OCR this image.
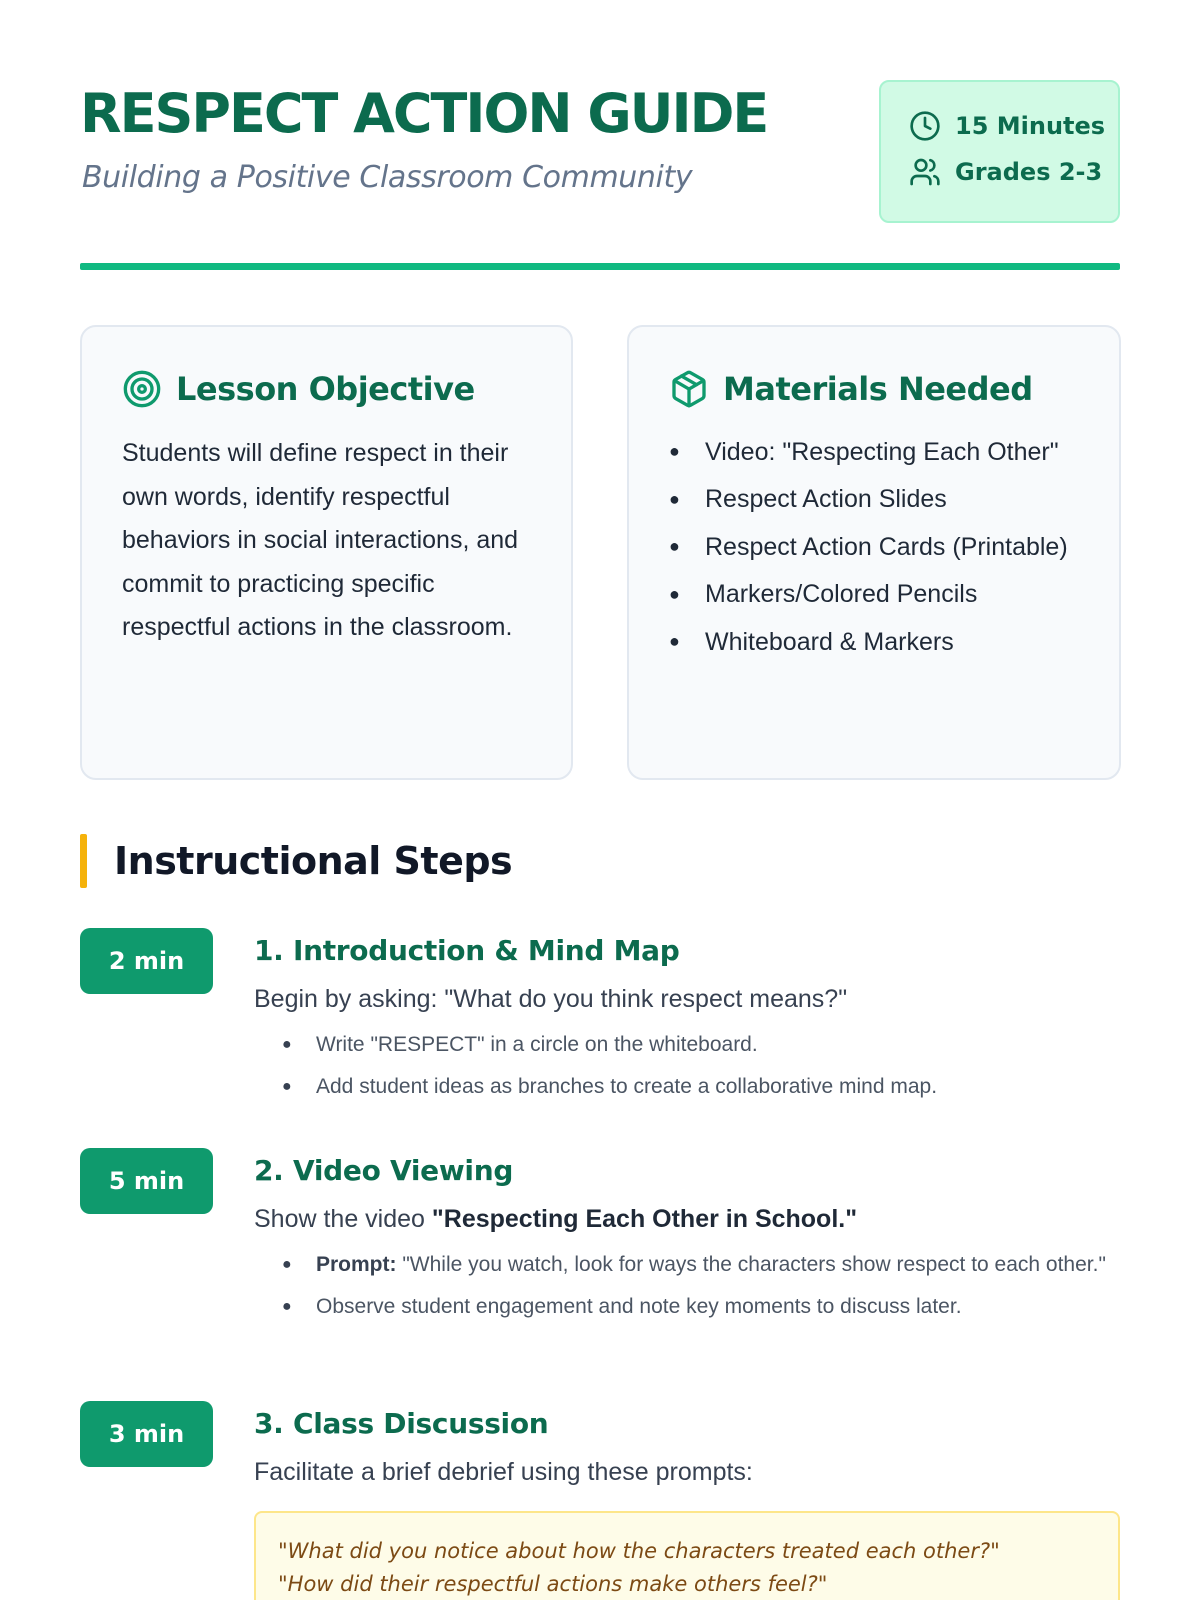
RESPECT ACTION GUIDE
Building a Positive Classroom Community
15 Minutes
Grades 2-3
Lesson Objective

Students will define respect in their own words, identify respectful behaviors in social interactions, and commit to practicing specific respectful actions in the classroom.

Materials Needed
● Video: "Respecting Each Other"
● Respect Action Slides
● Respect Action Cards (Printable)
● Markers/Colored Pencils
● Whiteboard & Markers
Instructional Steps
2 min	1. Introduction & Mind Map

Begin by asking: "What do you think respect means?"

● Write "RESPECT" in a circle on the whiteboard.
● Add student ideas as branches to create a collaborative mind map.
5 min	2. Video Viewing

Show the video "Respecting Each Other in School."

● Prompt: "While you watch, look for ways the characters show respect to each other."
● Observe student engagement and note key moments to discuss later.
3 min	3. Class Discussion

Facilitate a brief debrief using these prompts:

"What did you notice about how the characters treated each other?"
"How did their respectful actions make others feel?"
